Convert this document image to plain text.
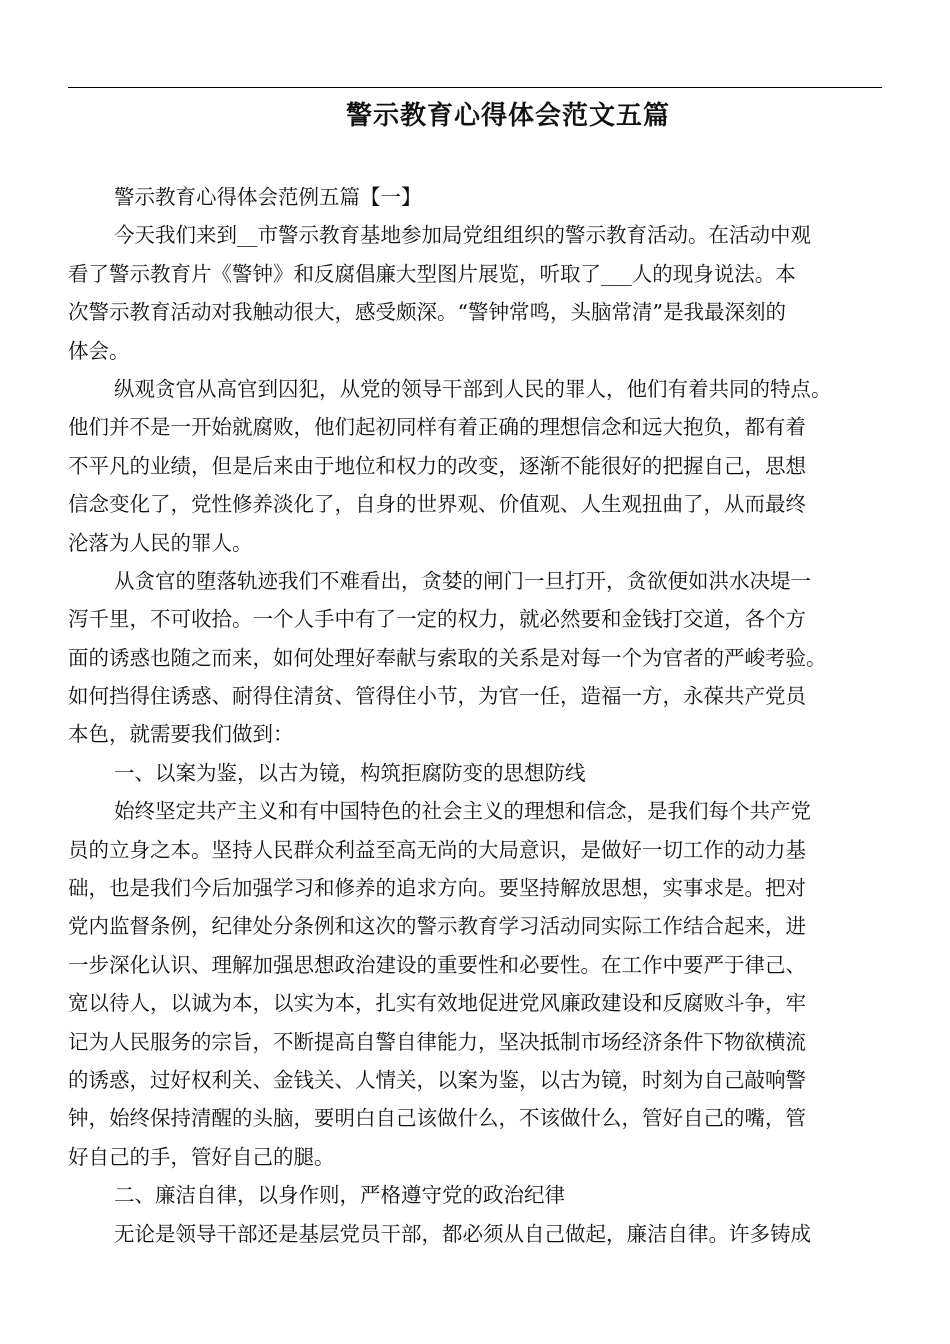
警示教育心得体会范文五篇
警示教育心得体会范例五篇【一】
今天我们来到__市警示教育基地参加局党组组织的警示教育活动。在活动中观
看了警示教育片《警钟》和反腐倡廉大型图片展览，听取了___人的现身说法。本
次警示教育活动对我触动很大，感受颇深。“警钟常鸣，头脑常清”是我最深刻的
体会。
纵观贪官从高官到囚犯，从党的领导干部到人民的罪人，他们有着共同的特点。
他们并不是一开始就腐败，他们起初同样有着正确的理想信念和远大抱负，都有着
不平凡的业绩，但是后来由于地位和权力的改变，逐渐不能很好的把握自己，思想
信念变化了，党性修养淡化了，自身的世界观、价值观、人生观扭曲了，从而最终
沦落为人民的罪人。
从贪官的堕落轨迹我们不难看出，贪婪的闸门一旦打开，贪欲便如洪水决堤一
泻千里，不可收拾。一个人手中有了一定的权力，就必然要和金钱打交道，各个方
面的诱惑也随之而来，如何处理好奉献与索取的关系是对每一个为官者的严峻考验。
如何挡得住诱惑、耐得住清贫、管得住小节，为官一任，造福一方，永葆共产党员
本色，就需要我们做到：
一、以案为鉴，以古为镜，构筑拒腐防变的思想防线
始终坚定共产主义和有中国特色的社会主义的理想和信念，是我们每个共产党
员的立身之本。坚持人民群众利益至高无尚的大局意识，是做好一切工作的动力基
础，也是我们今后加强学习和修养的追求方向。要坚持解放思想，实事求是。把对
党内监督条例，纪律处分条例和这次的警示教育学习活动同实际工作结合起来，进
一步深化认识、理解加强思想政治建设的重要性和必要性。在工作中要严于律己、
宽以待人，以诚为本，以实为本，扎实有效地促进党风廉政建设和反腐败斗争，牢
记为人民服务的宗旨，不断提高自警自律能力，坚决抵制市场经济条件下物欲横流
的诱惑，过好权利关、金钱关、人情关，以案为鉴，以古为镜，时刻为自己敲响警
钟，始终保持清醒的头脑，要明白自己该做什么，不该做什么，管好自己的嘴，管
好自己的手，管好自己的腿。
二、廉洁自律，以身作则，严格遵守党的政治纪律
无论是领导干部还是基层党员干部，都必须从自己做起，廉洁自律。许多铸成
